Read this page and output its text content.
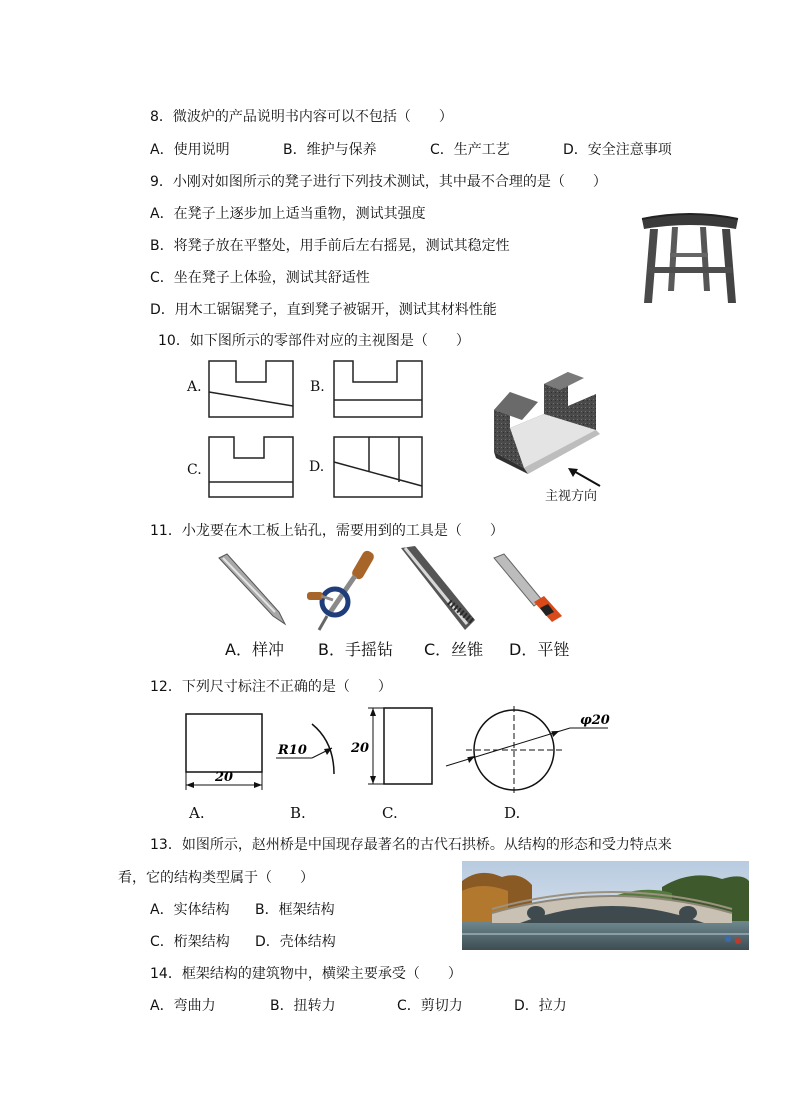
8．微波炉的产品说明书内容可以不包括（　　）
A．使用说明	B．维护与保养	C．生产工艺	D．安全注意事项
9．小刚对如图所示的凳子进行下列技术测试，其中最不合理的是（　　）
A．在凳子上逐步加上适当重物，测试其强度
B．将凳子放在平整处，用手前后左右摇晃，测试其稳定性
C．坐在凳子上体验，测试其舒适性
D．用木工锯锯凳子，直到凳子被锯开，测试其材料性能
10．如下图所示的零部件对应的主视图是（　　）
A.	B.
C.	D.
主视方向
11．小龙要在木工板上钻孔，需要用到的工具是（　　）
A．样冲 B．手摇钻 C．丝锥 D．平锉
12．下列尺寸标注不正确的是（　　）
20
A.
R10
B.
20
C.
φ20
D.
13．如图所示，赵州桥是中国现存最著名的古代石拱桥。从结构的形态和受力特点来
看，它的结构类型属于（　　）
A．实体结构 B．框架结构
C．桁架结构 D．壳体结构
14．框架结构的建筑物中，横梁主要承受（　　）
A．弯曲力	B．扭转力	C．剪切力	D．拉力
